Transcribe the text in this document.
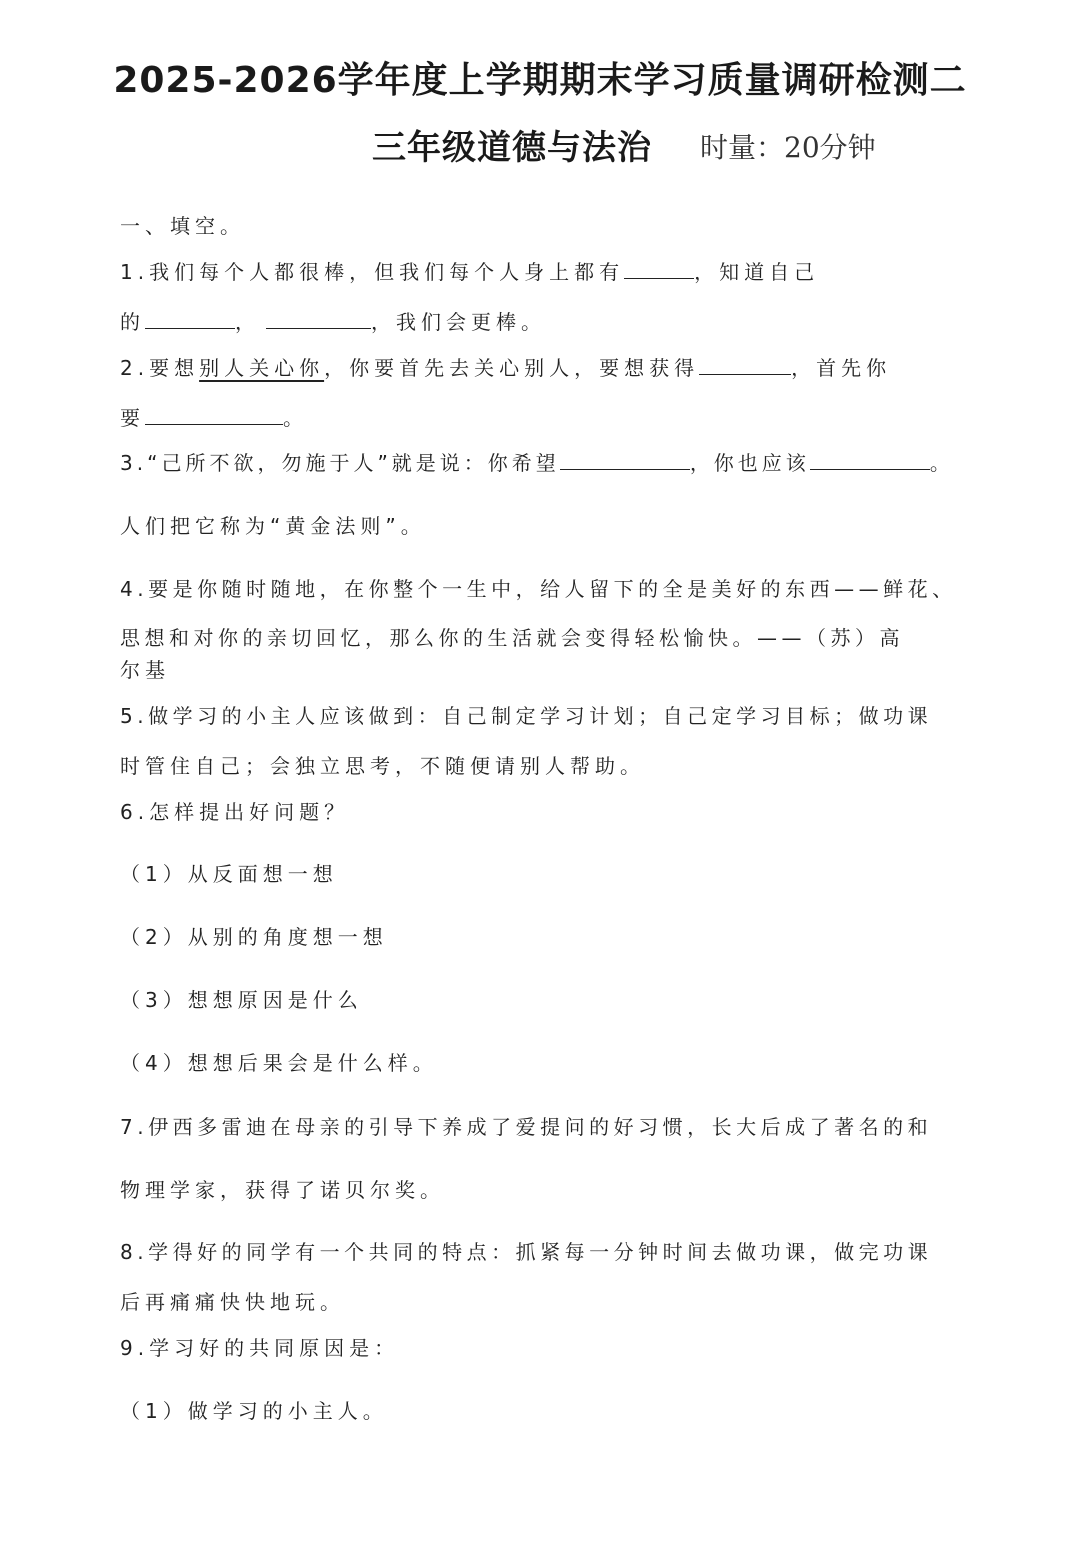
2025-2026学年度上学期期末学习质量调研检测二
三年级道德与法治 时量：20分钟
一、填空。
1.我们每个人都很棒，但我们每个人身上都有	，知道自己
的	，	，我们会更棒。
2.要想别人关心你，你要首先去关心别人，要想获得	，首先你
要	。
3.“己所不欲，勿施于人”就是说：你希望	，你也应该	。
人们把它称为“黄金法则”。
4.要是你随时随地，在你整个一生中，给人留下的全是美好的东西——鲜花、
思想和对你的亲切回忆，那么你的生活就会变得轻松愉快。——（苏）高
尔基
5.做学习的小主人应该做到：自己制定学习计划；自己定学习目标；做功课
时管住自己；会独立思考，不随便请别人帮助。
6.怎样提出好问题？
（1）从反面想一想
（2）从别的角度想一想
（3）想想原因是什么
（4）想想后果会是什么样。
7.伊西多雷迪在母亲的引导下养成了爱提问的好习惯，长大后成了著名的和
物理学家，获得了诺贝尔奖。
8.学得好的同学有一个共同的特点：抓紧每一分钟时间去做功课，做完功课
后再痛痛快快地玩。
9.学习好的共同原因是：
（1）做学习的小主人。
